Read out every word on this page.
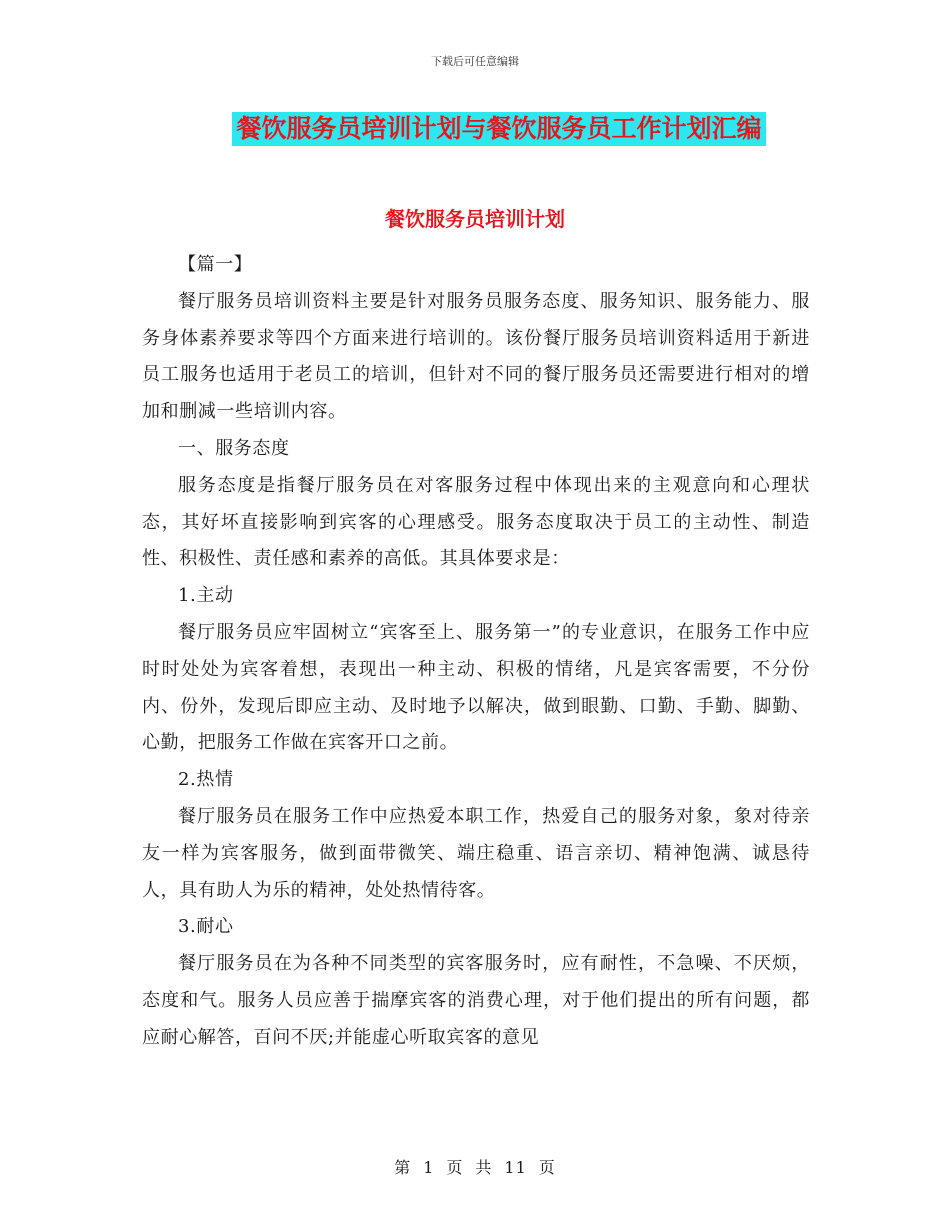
下载后可任意编辑
餐饮服务员培训计划与餐饮服务员工作计划汇编
餐饮服务员培训计划

【篇一】

餐厅服务员培训资料主要是针对服务员服务态度、服务知识、服务能力、服务身体素养要求等四个方面来进行培训的。该份餐厅服务员培训资料适用于新进员工服务也适用于老员工的培训，但针对不同的餐厅服务员还需要进行相对的增加和删减一些培训内容。

一、服务态度

服务态度是指餐厅服务员在对客服务过程中体现出来的主观意向和心理状态，其好坏直接影响到宾客的心理感受。服务态度取决于员工的主动性、制造性、积极性、责任感和素养的高低。其具体要求是：

1.主动

餐厅服务员应牢固树立“宾客至上、服务第一”的专业意识，在服务工作中应时时处处为宾客着想，表现出一种主动、积极的情绪，凡是宾客需要，不分份内、份外，发现后即应主动、及时地予以解决，做到眼勤、口勤、手勤、脚勤、心勤，把服务工作做在宾客开口之前。

2.热情

餐厅服务员在服务工作中应热爱本职工作，热爱自己的服务对象，象对待亲友一样为宾客服务，做到面带微笑、端庄稳重、语言亲切、精神饱满、诚恳待人，具有助人为乐的精神，处处热情待客。

3.耐心

餐厅服务员在为各种不同类型的宾客服务时，应有耐性，不急噪、不厌烦，态度和气。服务人员应善于揣摩宾客的消费心理，对于他们提出的所有问题，都应耐心解答，百问不厌;并能虚心听取宾客的意见

第 1 页 共 11 页
